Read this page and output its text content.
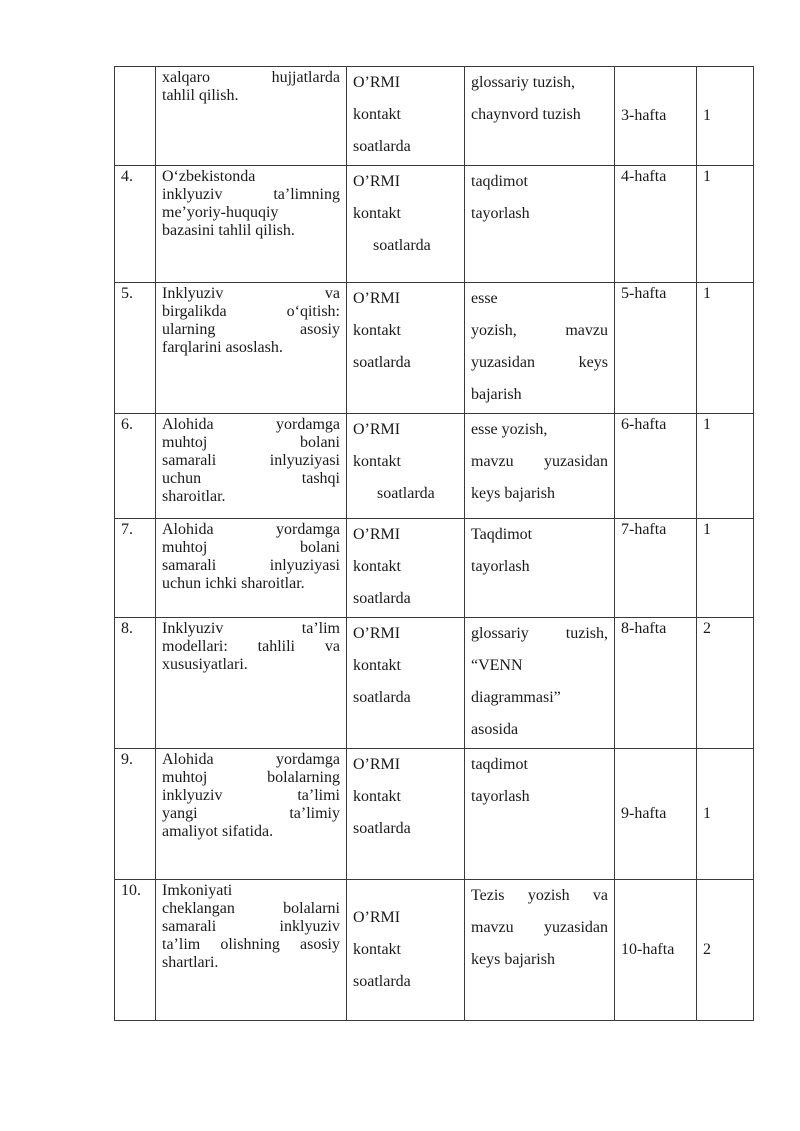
	xalqaro hujjatlarda
tahlil qilish.	O’RMI
kontakt
soatlarda	glossariy tuzish,
chaynvord tuzish	3-hafta	1
4.	O‘zbekistonda
inklyuziv ta’limning
me’yoriy-huquqiy
bazasini tahlil qilish.	O’RMI
kontakt
soatlarda	taqdimot
tayorlash	4-hafta	1
5.	Inklyuziv va
birgalikda o‘qitish:
ularning asosiy
farqlarini asoslash.	O’RMI
kontakt
soatlarda	esse
yozish, mavzu
yuzasidan keys
bajarish	5-hafta	1
6.	Alohida yordamga
muhtoj bolani
samarali inlyuziyasi
uchun tashqi
sharoitlar.	O’RMI
kontakt
soatlarda	esse yozish,
mavzu yuzasidan
keys bajarish	6-hafta	1
7.	Alohida yordamga
muhtoj bolani
samarali inlyuziyasi
uchun ichki sharoitlar.	O’RMI
kontakt
soatlarda	Taqdimot
tayorlash	7-hafta	1
8.	Inklyuziv ta’lim
modellari: tahlili va
xususiyatlari.	O’RMI
kontakt
soatlarda	glossariy tuzish,
“VENN
diagrammasi”
asosida	8-hafta	2
9.	Alohida yordamga
muhtoj bolalarning
inklyuziv ta’limi
yangi ta’limiy
amaliyot sifatida.	O’RMI
kontakt
soatlarda	taqdimot
tayorlash	9-hafta	1
10.	Imkoniyati
cheklangan bolalarni
samarali inklyuziv
ta’lim olishning asosiy
shartlari.	O’RMI
kontakt
soatlarda	Tezis yozish va
mavzu yuzasidan
keys bajarish	10-hafta	2
